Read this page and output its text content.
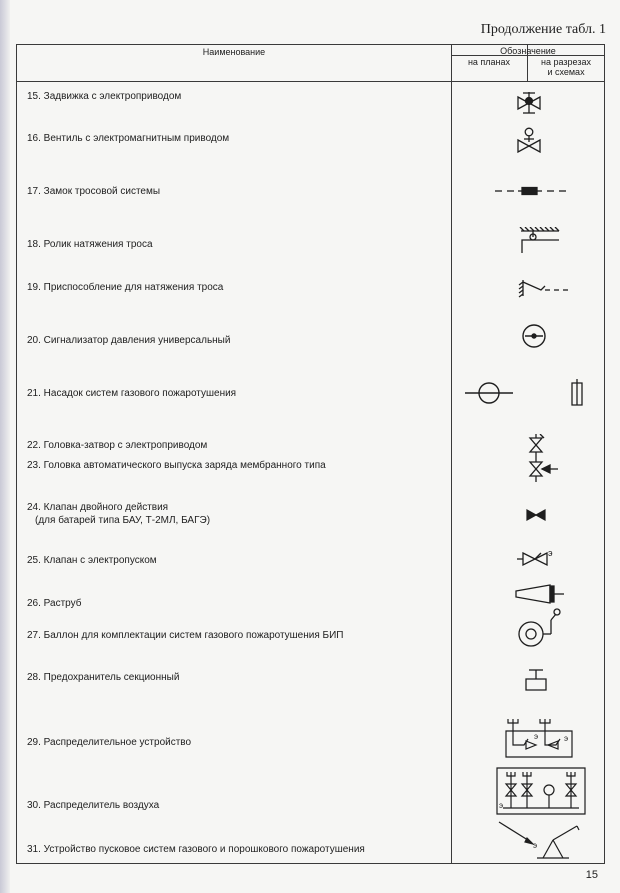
Продолжение табл. 1
Наименование	Обозначение
на планах	на разрезах
и схемах
15. Задвижка с электроприводом
16. Вентиль с электромагнитным приводом
17. Замок тросовой системы
18. Ролик натяжения троса
19. Приспособление для натяжения троса
20. Сигнализатор давления универсальный
21. Насадок систем газового пожаротушения
22. Головка-затвор с электроприводом
23. Головка автоматического выпуска заряда мембранного типа
24. Клапан двойного действия
(для батарей типа БАУ, Т-2МЛ, БАГЭ)
25. Клапан с электропуском
26. Раструб
27. Баллон для комплектации систем газового пожаротушения БИП
28. Предохранитель секционный
29. Распределительное устройство
30. Распределитель воздуха
31. Устройство пусковое систем газового и порошкового пожаротушения
э
э	э
э
э
15
